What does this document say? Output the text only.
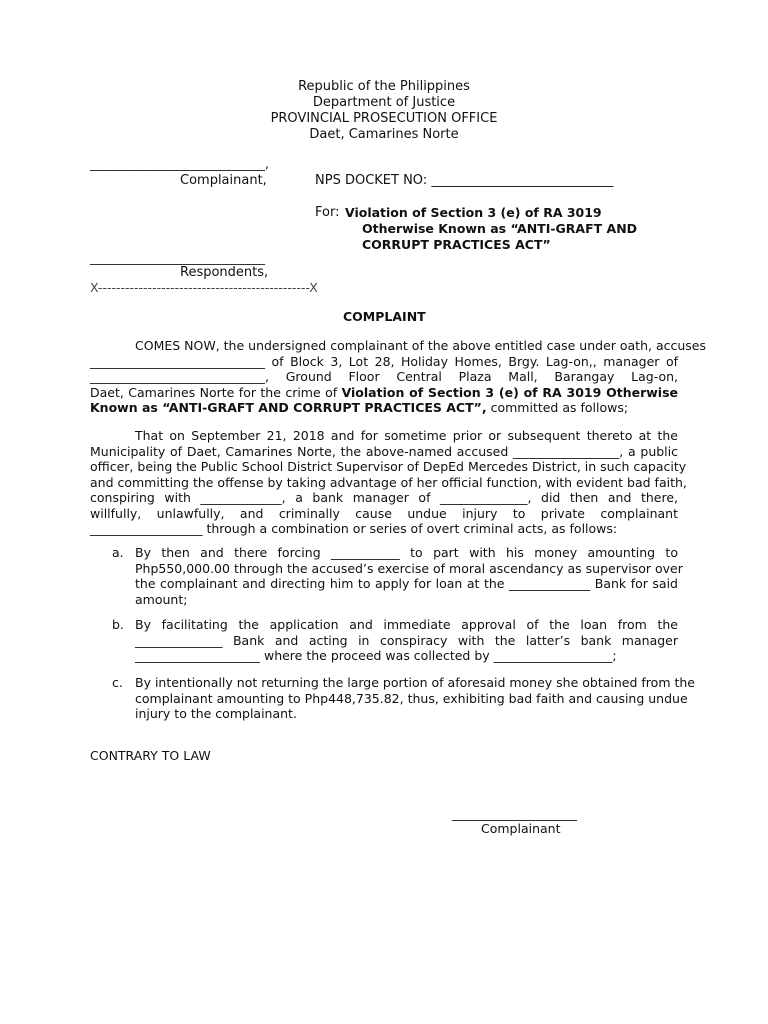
Republic of the Philippines
Department of Justice
PROVINCIAL PROSECUTION OFFICE
Daet, Camarines Norte
____________________________,
Complainant,	NPS DOCKET NO: ____________________________
For: Violation of Section 3 (e) of RA 3019
Otherwise Known as “ANTI-GRAFT AND
CORRUPT PRACTICES ACT”
____________________________
Respondents,
X-----------------------------------------------X
COMPLAINT
COMES NOW, the undersigned complainant of the above entitled case under oath, accuses
____________________________ of Block 3, Lot 28, Holiday Homes, Brgy. Lag-on,, manager of
____________________________, Ground Floor Central Plaza Mall, Barangay Lag-on,
Daet, Camarines Norte for the crime of Violation of Section 3 (e) of RA 3019 Otherwise
Known as “ANTI-GRAFT AND CORRUPT PRACTICES ACT”, committed as follows;
That on September 21, 2018 and for sometime prior or subsequent thereto at the
Municipality of Daet, Camarines Norte, the above-named accused _________________, a public
officer, being the Public School District Supervisor of DepEd Mercedes District, in such capacity
and committing the offense by taking advantage of her official function, with evident bad faith,
conspiring with _____________, a bank manager of ______________, did then and there,
willfully, unlawfully, and criminally cause undue injury to private complainant
__________________ through a combination or series of overt criminal acts, as follows:
a. By then and there forcing ___________ to part with his money amounting to
Php550,000.00 through the accused’s exercise of moral ascendancy as supervisor over
the complainant and directing him to apply for loan at the _____________ Bank for said
amount;
b. By facilitating the application and immediate approval of the loan from the
______________ Bank and acting in conspiracy with the latter’s bank manager
____________________ where the proceed was collected by ___________________;
c. By intentionally not returning the large portion of aforesaid money she obtained from the
complainant amounting to Php448,735.82, thus, exhibiting bad faith and causing undue
injury to the complainant.
CONTRARY TO LAW
____________________
Complainant
